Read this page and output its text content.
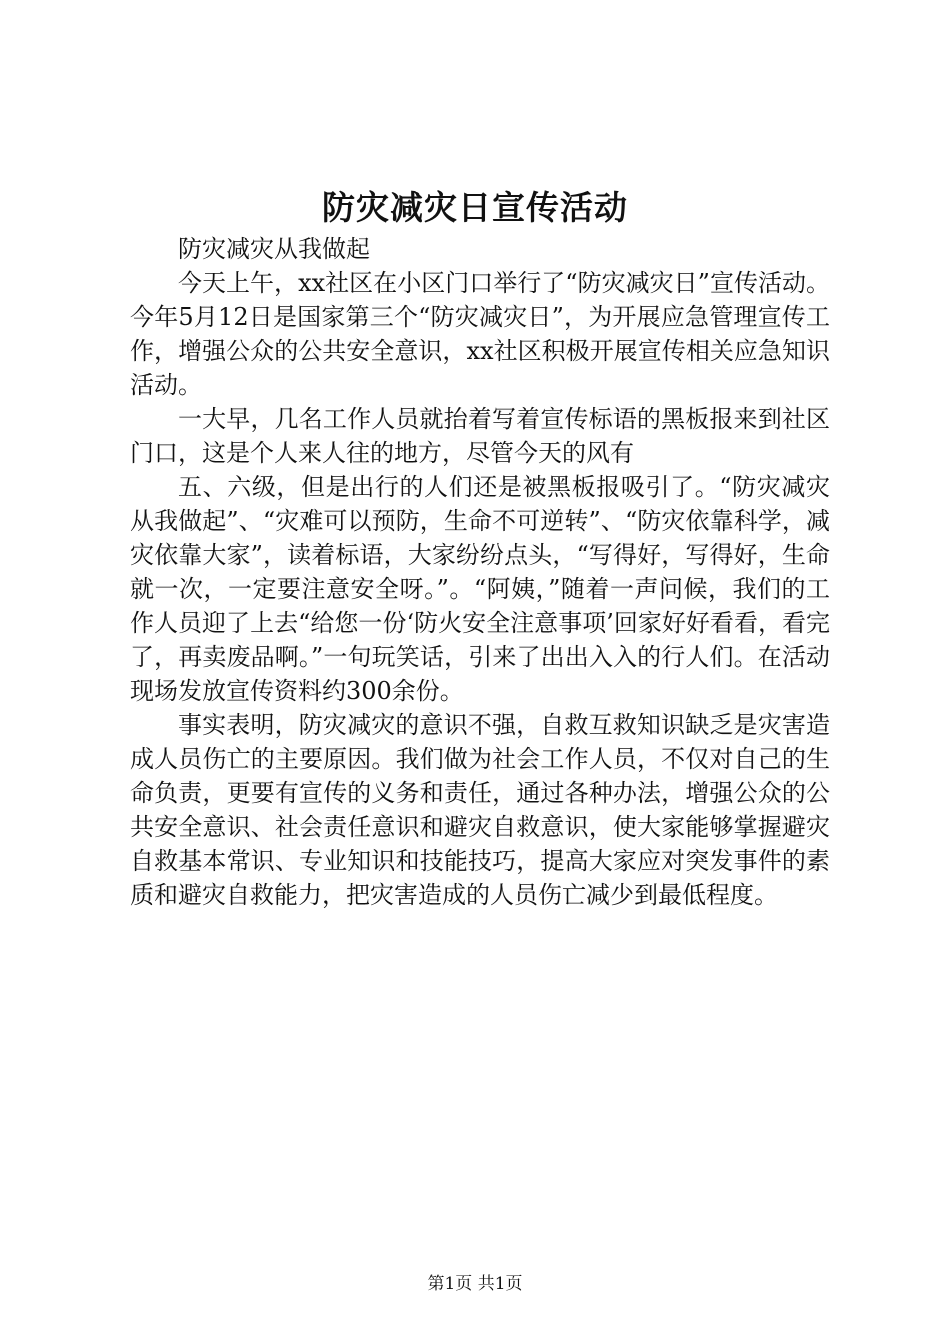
防灾减灾日宣传活动

防灾减灾从我做起

今天上午，xx社区在小区门口举行了“防灾减灾日”宣传活动。今年5月12日是国家第三个“防灾减灾日”，为开展应急管理宣传工作，增强公众的公共安全意识，xx社区积极开展宣传相关应急知识活动。

一大早，几名工作人员就抬着写着宣传标语的黑板报来到社区门口，这是个人来人往的地方，尽管今天的风有

五、六级，但是出行的人们还是被黑板报吸引了。“防灾减灾从我做起”、“灾难可以预防，生命不可逆转”、“防灾依靠科学，减灾依靠大家”，读着标语，大家纷纷点头，“写得好，写得好，生命就一次，一定要注意安全呀。”。“阿姨，”随着一声问候，我们的工作人员迎了上去“给您一份‘防火安全注意事项’回家好好看看，看完了，再卖废品啊。”一句玩笑话，引来了出出入入的行人们。在活动现场发放宣传资料约300余份。

事实表明，防灾减灾的意识不强，自救互救知识缺乏是灾害造成人员伤亡的主要原因。我们做为社会工作人员，不仅对自己的生命负责，更要有宣传的义务和责任，通过各种办法，增强公众的公共安全意识、社会责任意识和避灾自救意识，使大家能够掌握避灾自救基本常识、专业知识和技能技巧，提高大家应对突发事件的素质和避灾自救能力，把灾害造成的人员伤亡减少到最低程度。

第1页 共1页
